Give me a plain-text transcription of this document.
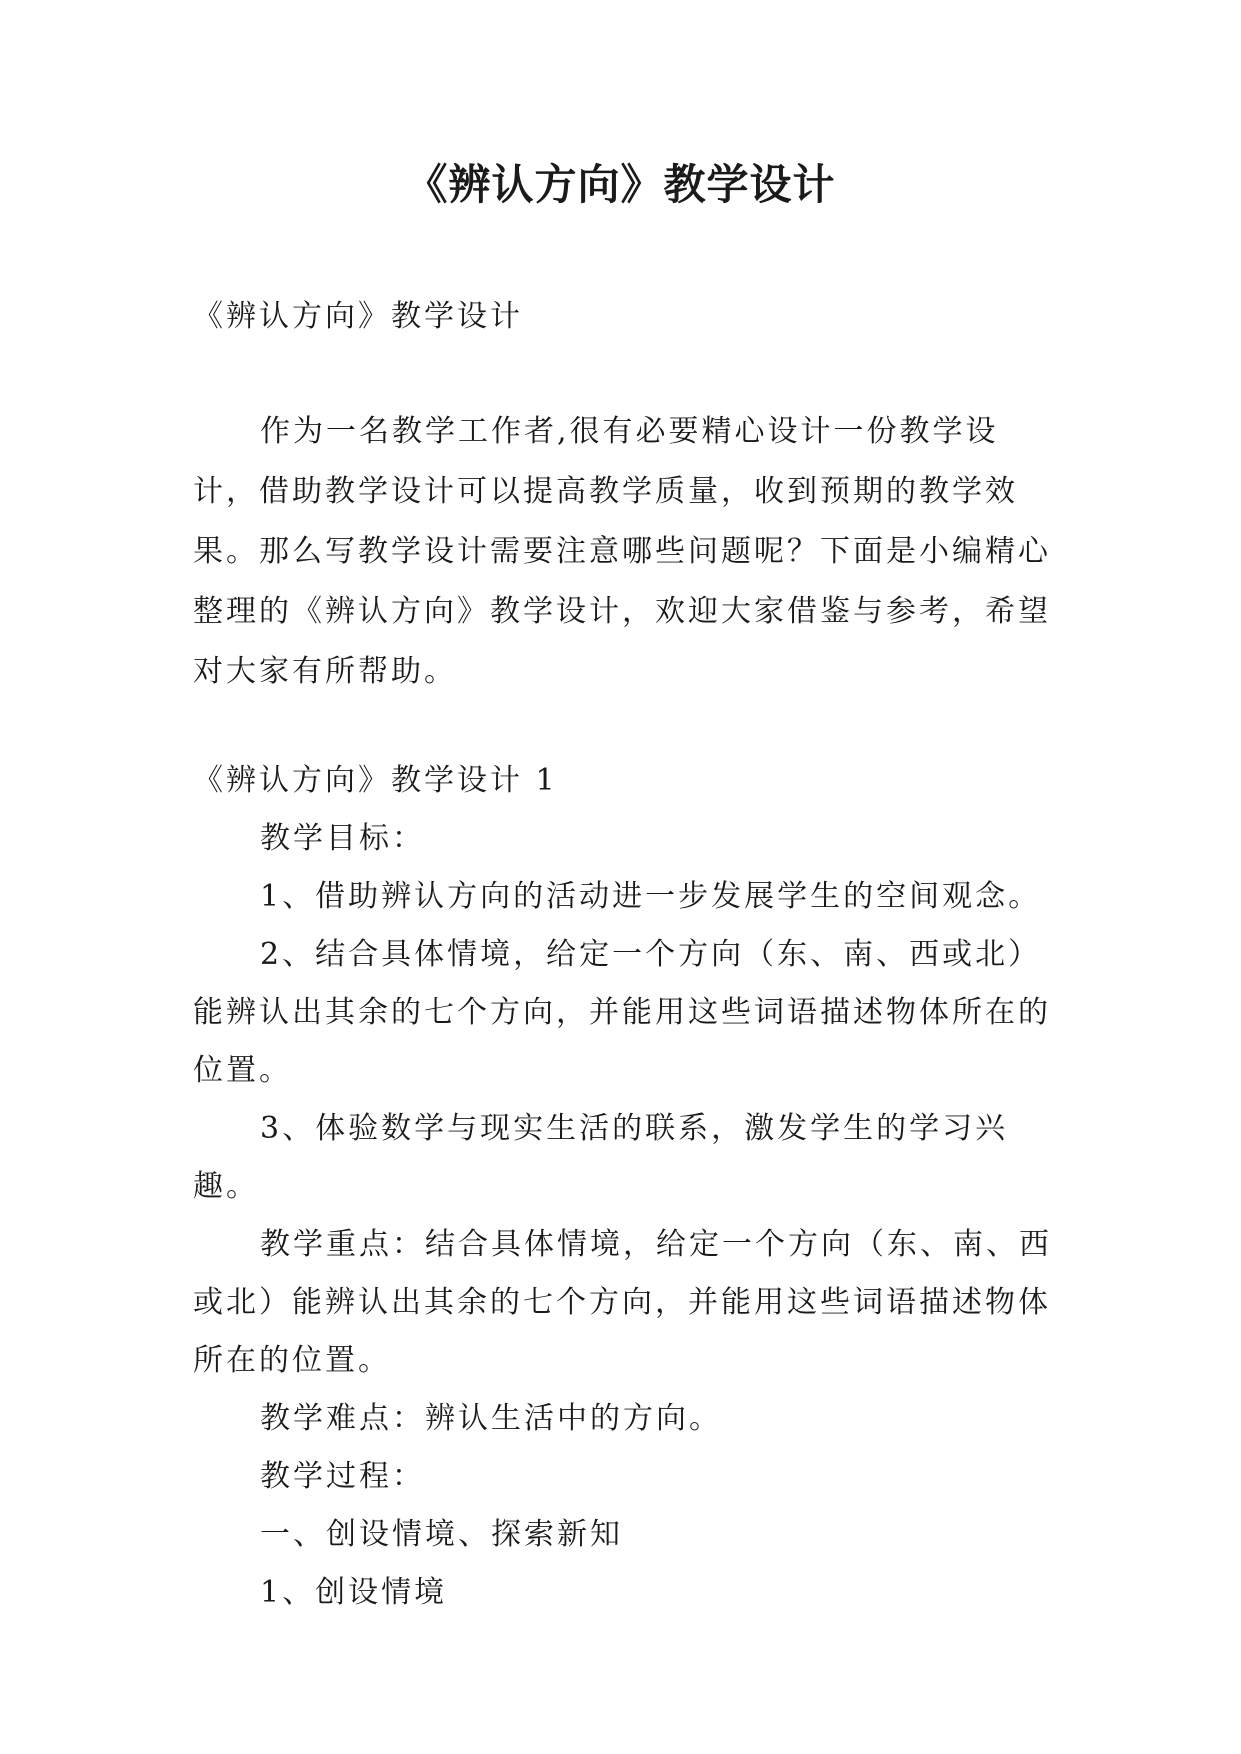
《辨认方向》教学设计
《辨认方向》教学设计
作为一名教学工作者,很有必要精心设计一份教学设计，借助教学设计可以提高教学质量，收到预期的教学效果。那么写教学设计需要注意哪些问题呢？下面是小编精心整理的《辨认方向》教学设计，欢迎大家借鉴与参考，希望对大家有所帮助。

《辨认方向》教学设计 1

教学目标：

1、借助辨认方向的活动进一步发展学生的空间观念。

2、结合具体情境，给定一个方向（东、南、西或北）能辨认出其余的七个方向，并能用这些词语描述物体所在的位置。

3、体验数学与现实生活的联系，激发学生的学习兴趣。

教学重点：结合具体情境，给定一个方向（东、南、西或北）能辨认出其余的七个方向，并能用这些词语描述物体所在的位置。

教学难点：辨认生活中的方向。

教学过程：

一、创设情境、探索新知

1、创设情境
